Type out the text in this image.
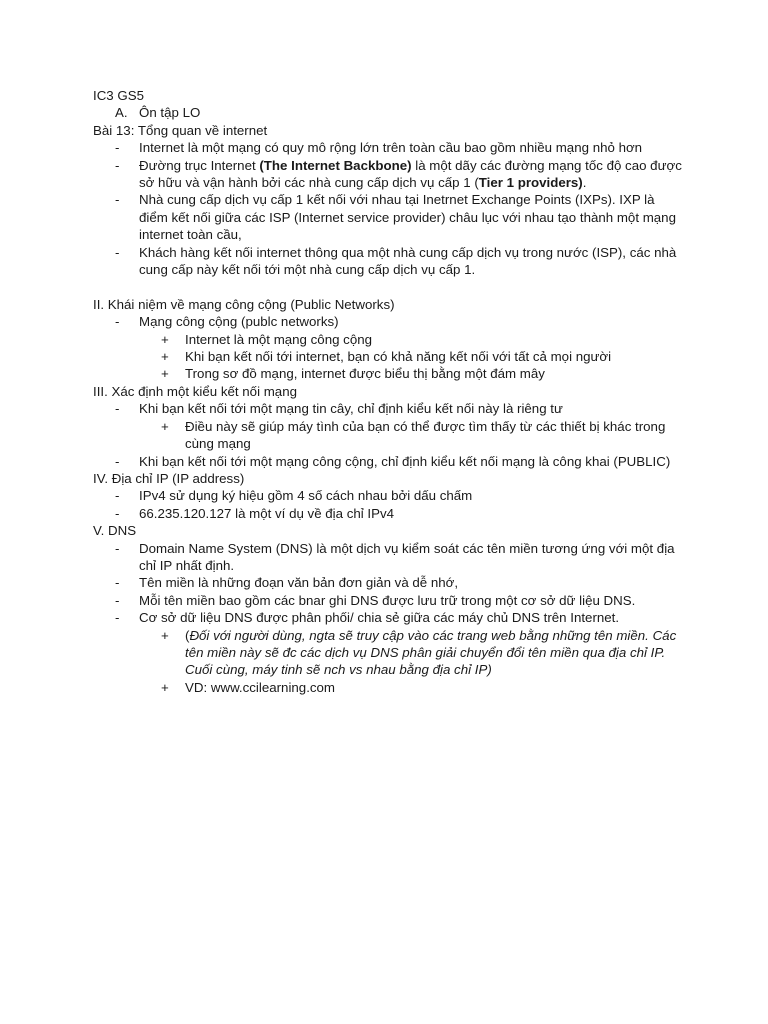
IC3 GS5
A. Ôn tập LO
Bài 13: Tổng quan về internet
-	Internet là một mạng có quy mô rộng lớn trên toàn cầu bao gồm nhiều mạng nhỏ hơn
-	Đường trục Internet (The Internet Backbone) là một dãy các đường mạng tốc độ cao được sở hữu và vận hành bởi các nhà cung cấp dịch vụ cấp 1 (Tier 1 providers).
-	Nhà cung cấp dịch vụ cấp 1 kết nối với nhau tại Inetrnet Exchange Points (IXPs). IXP là điểm kết nối giữa các ISP (Internet service provider) châu lục với nhau tạo thành một mạng internet toàn cầu,
-	Khách hàng kết nối internet thông qua một nhà cung cấp dịch vụ trong nước (ISP), các nhà cung cấp này kết nối tới một nhà cung cấp dịch vụ cấp 1.
II. Khái niệm về mạng công cộng (Public Networks)
-	Mạng công cộng (publc networks)
+	Internet là một mạng công cộng
+	Khi bạn kết nối tới internet, bạn có khả năng kết nối với tất cả mọi người
+	Trong sơ đồ mạng, internet được biểu thị bằng một đám mây
III. Xác định một kiểu kết nối mạng
-	Khi bạn kết nối tới một mạng tin cây, chỉ định kiểu kết nối này là riêng tư
+	Điều này sẽ giúp máy tình của bạn có thể được tìm thấy từ các thiết bị khác trong cùng mạng
-	Khi bạn kết nối tới một mạng công cộng, chỉ định kiểu kết nối mạng là công khai (PUBLIC)
IV. Địa chỉ IP (IP address)
-	IPv4 sử dụng ký hiệu gồm 4 số cách nhau bởi dấu chấm
-	66.235.120.127 là một ví dụ về địa chỉ IPv4
V. DNS
-	Domain Name System (DNS) là một dịch vụ kiểm soát các tên miền tương ứng với một địa chỉ IP nhất định.
-	Tên miền là những đoạn văn bản đơn giản và dễ nhớ,
-	Mỗi tên miền bao gồm các bnar ghi DNS được lưu trữ trong một cơ sở dữ liệu DNS.
-	Cơ sở dữ liệu DNS được phân phối/ chia sẻ giữa các máy chủ DNS trên Internet.
+	(Đối với người dùng, ngta sẽ truy cập vào các trang web bằng những tên miền. Các tên miền này sẽ đc các dịch vụ DNS phân giải chuyển đổi tên miền qua địa chỉ IP. Cuối cùng, máy tinh sẽ nch vs nhau bằng địa chỉ IP)
+	VD: www.ccilearning.com
